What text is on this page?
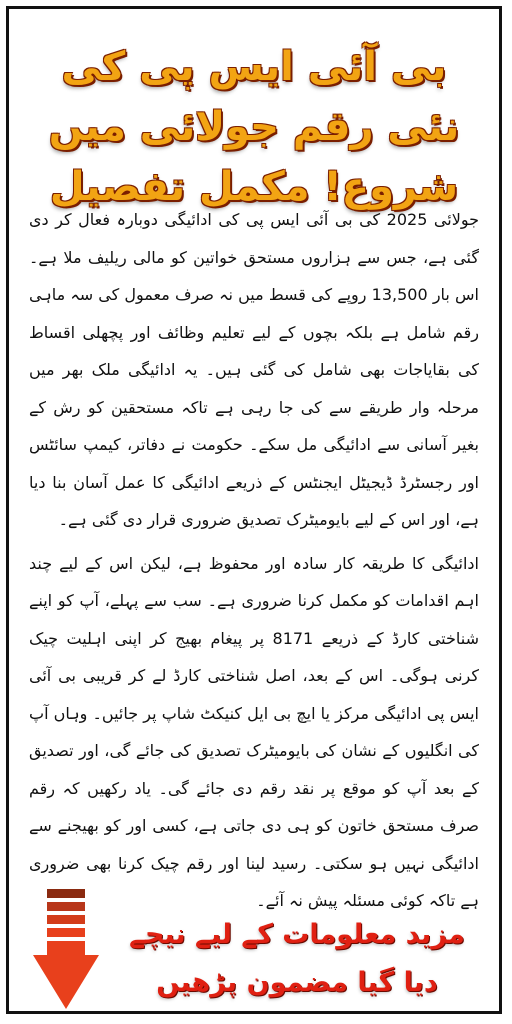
بی آئی ایس پی کی نئی رقم جولائی میں
شروع! مکمل تفصیل

جولائی 2025 کی بی آئی ایس پی کی ادائیگی دوبارہ فعال کر دی گئی ہے، جس سے ہزاروں مستحق خواتین کو مالی ریلیف ملا ہے۔ اس بار 13,500 روپے کی قسط میں نہ صرف معمول کی سہ ماہی رقم شامل ہے بلکہ بچوں کے لیے تعلیم وظائف اور پچھلی اقساط کی بقایاجات بھی شامل کی گئی ہیں۔ یہ ادائیگی ملک بھر میں مرحلہ وار طریقے سے کی جا رہی ہے تاکہ مستحقین کو رش کے بغیر آسانی سے ادائیگی مل سکے۔ حکومت نے دفاتر، کیمپ سائٹس اور رجسٹرڈ ڈیجیٹل ایجنٹس کے ذریعے ادائیگی کا عمل آسان بنا دیا ہے، اور اس کے لیے بایومیٹرک تصدیق ضروری قرار دی گئی ہے۔

ادائیگی کا طریقہ کار سادہ اور محفوظ ہے، لیکن اس کے لیے چند اہم اقدامات کو مکمل کرنا ضروری ہے۔ سب سے پہلے، آپ کو اپنے شناختی کارڈ کے ذریعے 8171 پر پیغام بھیج کر اپنی اہلیت چیک کرنی ہوگی۔ اس کے بعد، اصل شناختی کارڈ لے کر قریبی بی آئی ایس پی ادائیگی مرکز یا ایچ بی ایل کنیکٹ شاپ پر جائیں۔ وہاں آپ کی انگلیوں کے نشان کی بایومیٹرک تصدیق کی جائے گی، اور تصدیق کے بعد آپ کو موقع پر نقد رقم دی جائے گی۔ یاد رکھیں کہ رقم صرف مستحق خاتون کو ہی دی جاتی ہے، کسی اور کو بھیجنے سے ادائیگی نہیں ہو سکتی۔ رسید لینا اور رقم چیک کرنا بھی ضروری ہے تاکہ کوئی مسئلہ پیش نہ آئے۔

مزید معلومات کے لیے نیچے
دیا گیا مضمون پڑھیں
